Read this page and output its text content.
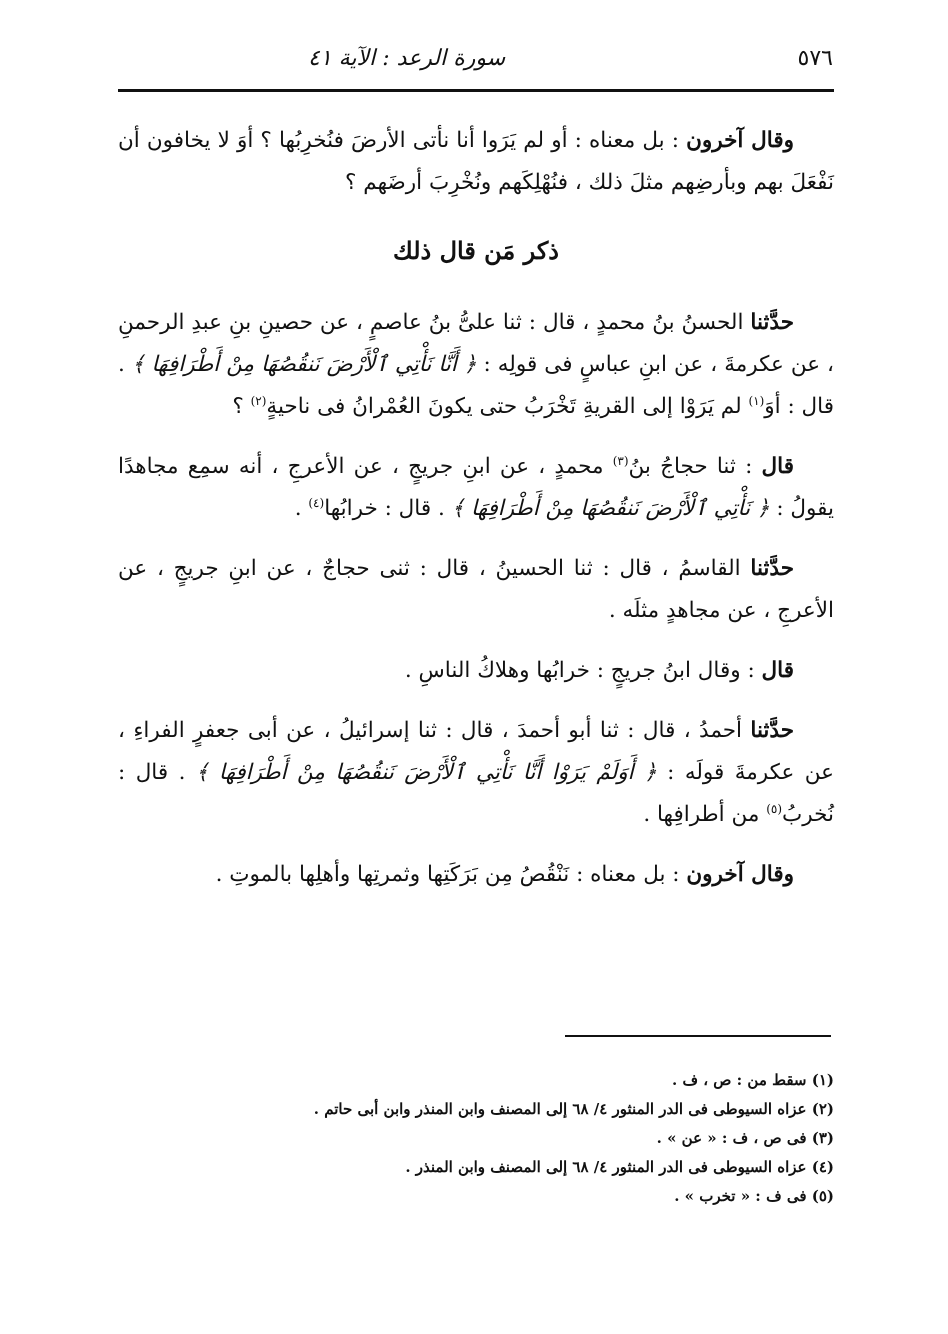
٥٧٦
سورة الرعد : الآية ٤١

وقال آخرون : بل معناه : أو لم يَرَوا أنا نأتى الأرضَ فنُخرِبُها ؟ أوَ لا يخافون أن نَفْعَلَ بهم وبأرضِهم مثلَ ذلك ، فنُهْلِكَهم ونُخْرِبَ أرضَهم ؟

ذكر مَن قال ذلك

حدَّثنا الحسنُ بنُ محمدٍ ، قال : ثنا علىُّ بنُ عاصمٍ ، عن حصينِ بنِ عبدِ الرحمنِ ، عن عكرمةَ ، عن ابنِ عباسٍ فى قولِه : ﴿ أَنَّا نَأْتِي ٱلْأَرْضَ نَنقُصُهَا مِنْ أَطْرَافِهَا ﴾ . قال : أوَ$^{(١)}$ لم يَرَوْا إلى القريةِ تَخْرَبُ حتى يكونَ العُمْرانُ فى ناحيةٍ$^{(٢)}$ ؟

قال : ثنا حجاجُ بنُ$^{(٣)}$ محمدٍ ، عن ابنِ جريجٍ ، عن الأعرجِ ، أنه سمِع مجاهدًا يقولُ : ﴿ نَأْتِي ٱلْأَرْضَ نَنقُصُهَا مِنْ أَطْرَافِهَا ﴾ . قال : خرابُها$^{(٤)}$ .

حدَّثنا القاسمُ ، قال : ثنا الحسينُ ، قال : ثنى حجاجٌ ، عن ابنِ جريجٍ ، عن الأعرجِ ، عن مجاهدٍ مثلَه .

قال : وقال ابنُ جريجٍ : خرابُها وهلاكُ الناسِ .

حدَّثنا أحمدُ ، قال : ثنا أبو أحمدَ ، قال : ثنا إسرائيلُ ، عن أبى جعفرٍ الفراءِ ، عن عكرمةَ قولَه : ﴿ أَوَلَمْ يَرَوْا أَنَّا نَأْتِي ٱلْأَرْضَ نَنقُصُهَا مِنْ أَطْرَافِهَا ﴾ . قال : نُخربُ$^{(٥)}$ من أطرافِها .

وقال آخرون : بل معناه : نَنْقُصُ مِن بَرَكَتِها وثمرتِها وأهلِها بالموتِ .

(١) سقط من : ص ، ف .
(٢) عزاه السيوطى فى الدر المنثور ٤/ ٦٨ إلى المصنف وابن المنذر وابن أبى حاتم .
(٣) فى ص ، ف : « عن » .
(٤) عزاه السيوطى فى الدر المنثور ٤/ ٦٨ إلى المصنف وابن المنذر .
(٥) فى ف : « تخرب » .
